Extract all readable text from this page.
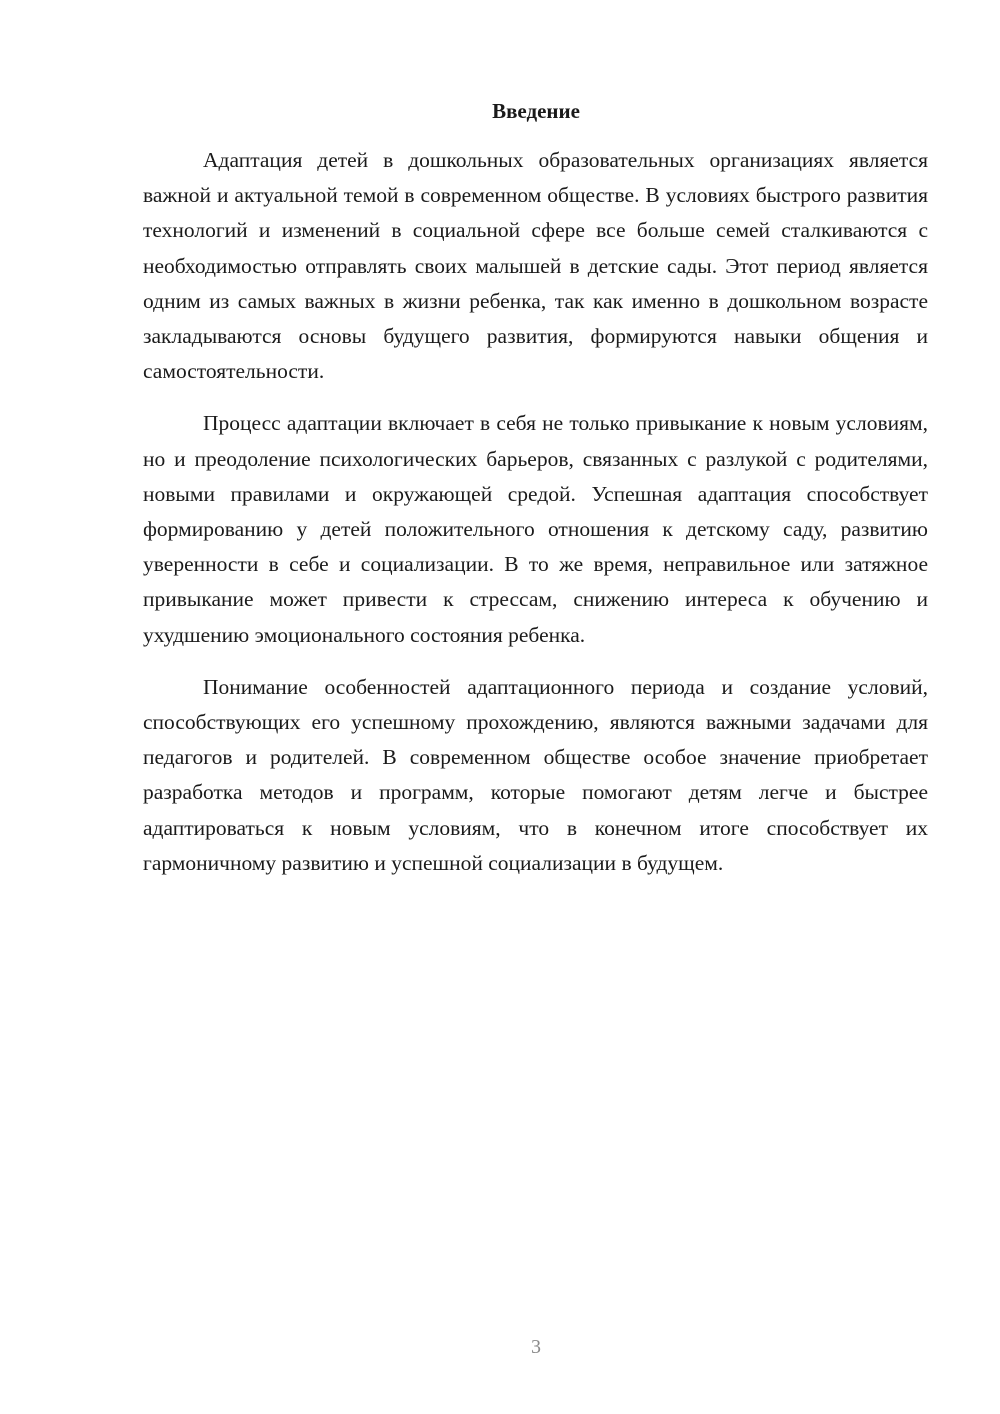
Введение

Адаптация детей в дошкольных образовательных организациях является важной и актуальной темой в современном обществе. В условиях быстрого развития технологий и изменений в социальной сфере все больше семей сталкиваются с необходимостью отправлять своих малышей в детские сады. Этот период является одним из самых важных в жизни ребенка, так как именно в дошкольном возрасте закладываются основы будущего развития, формируются навыки общения и самостоятельности.

Процесс адаптации включает в себя не только привыкание к новым условиям, но и преодоление психологических барьеров, связанных с разлукой с родителями, новыми правилами и окружающей средой. Успешная адаптация способствует формированию у детей положительного отношения к детскому саду, развитию уверенности в себе и социализации. В то же время, неправильное или затяжное привыкание может привести к стрессам, снижению интереса к обучению и ухудшению эмоционального состояния ребенка.

Понимание особенностей адаптационного периода и создание условий, способствующих его успешному прохождению, являются важными задачами для педагогов и родителей. В современном обществе особое значение приобретает разработка методов и программ, которые помогают детям легче и быстрее адаптироваться к новым условиям, что в конечном итоге способствует их гармоничному развитию и успешной социализации в будущем.

3
